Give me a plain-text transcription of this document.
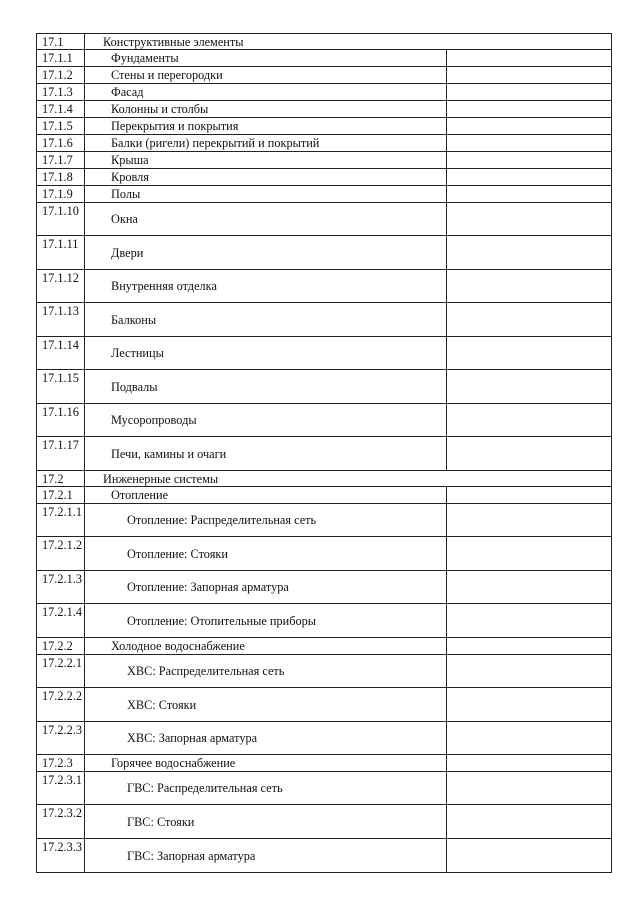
17.1	Конструктивные элементы	
17.1.1	Фундаменты	
17.1.2	Стены и перегородки	
17.1.3	Фасад	
17.1.4	Колонны и столбы	
17.1.5	Перекрытия и покрытия	
17.1.6	Балки (ригели) перекрытий и покрытий	
17.1.7	Крыша	
17.1.8	Кровля	
17.1.9	Полы	
17.1.10	Окна	
17.1.11	Двери	
17.1.12	Внутренняя отделка	
17.1.13	Балконы	
17.1.14	Лестницы	
17.1.15	Подвалы	
17.1.16	Мусоропроводы	
17.1.17	Печи, камины и очаги	
17.2	Инженерные системы	
17.2.1	Отопление	
17.2.1.1	Отопление: Распределительная сеть	
17.2.1.2	Отопление: Стояки	
17.2.1.3	Отопление: Запорная арматура	
17.2.1.4	Отопление: Отопительные приборы	
17.2.2	Холодное водоснабжение	
17.2.2.1	ХВС: Распределительная сеть	
17.2.2.2	ХВС: Стояки	
17.2.2.3	ХВС: Запорная арматура	
17.2.3	Горячее водоснабжение	
17.2.3.1	ГВС: Распределительная сеть	
17.2.3.2	ГВС: Стояки	
17.2.3.3	ГВС: Запорная арматура	
